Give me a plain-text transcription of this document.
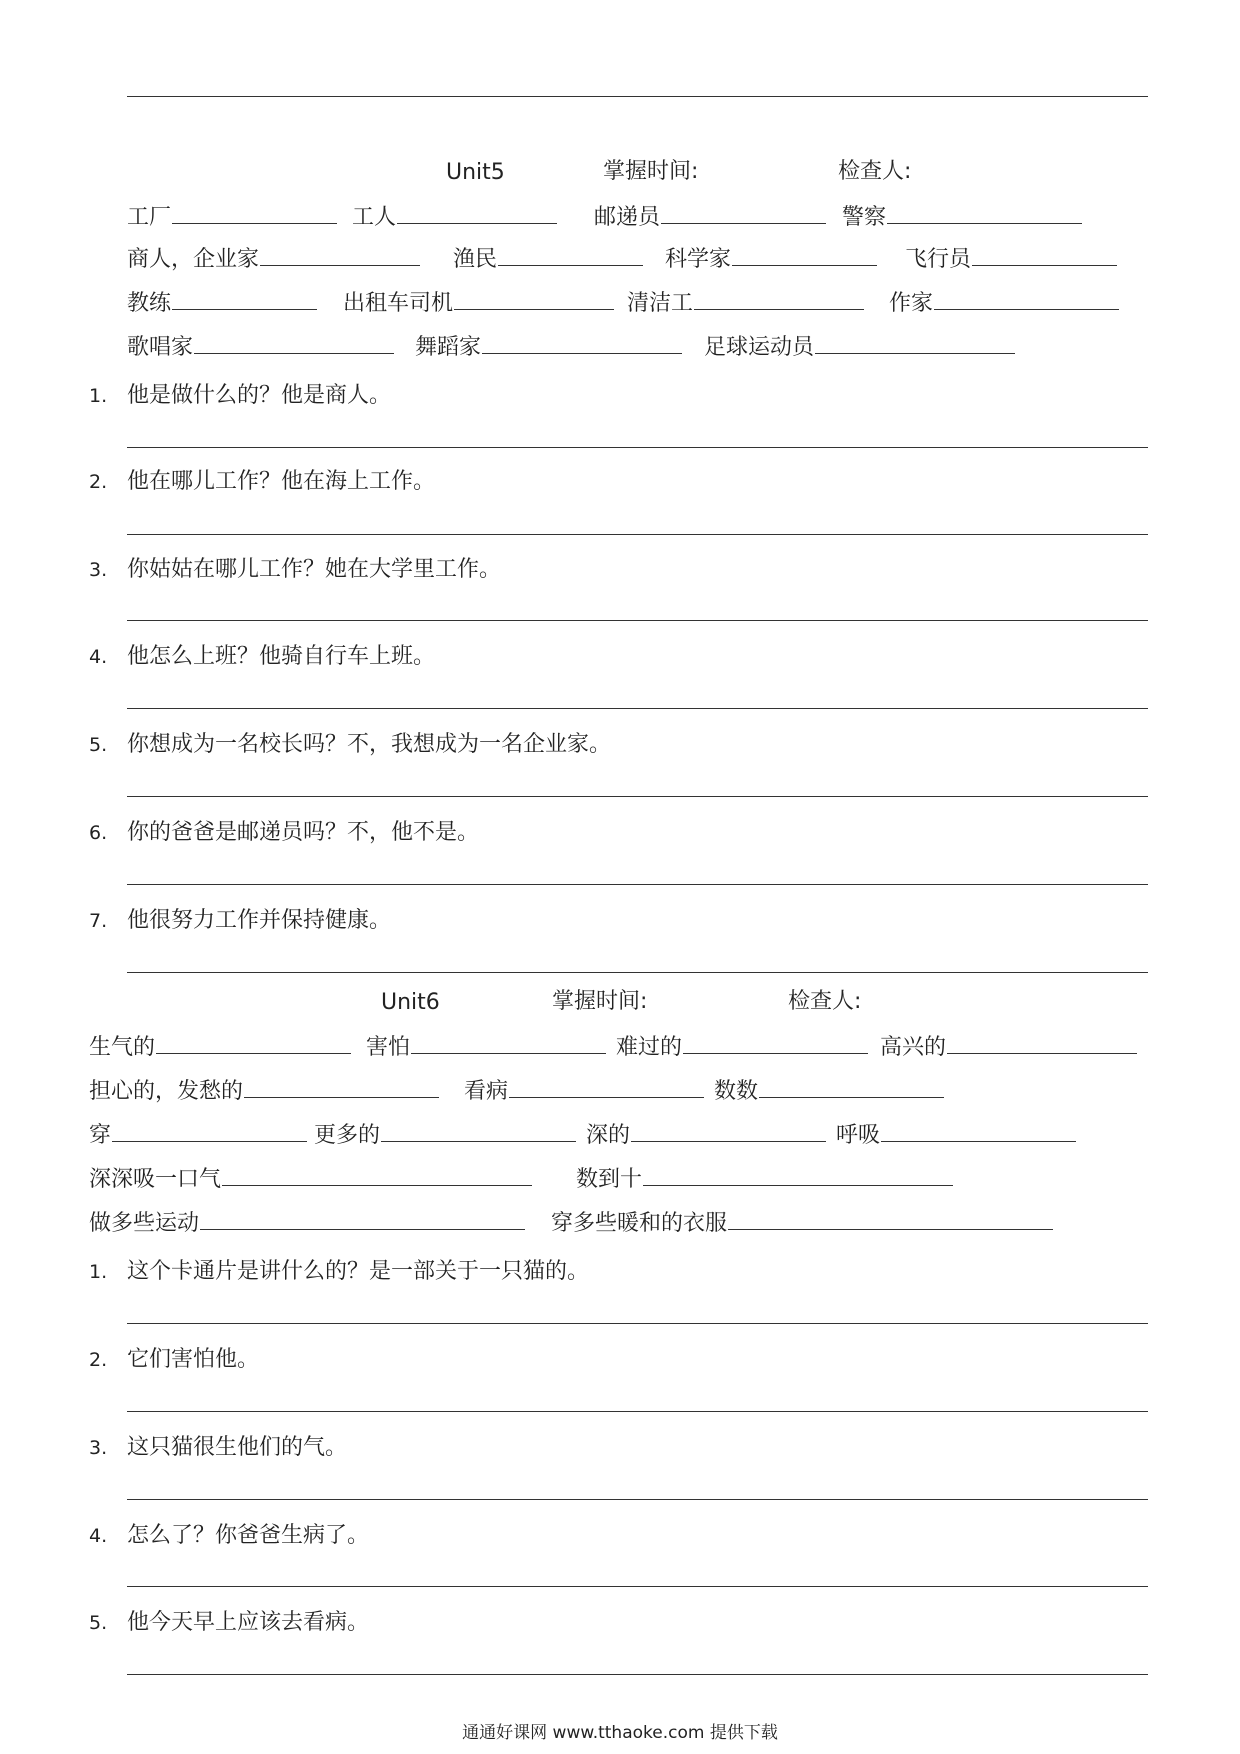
Unit5	掌握时间:	检查人:
工厂	工人	邮递员	警察
商人，企业家	渔民	科学家	飞行员
教练	出租车司机	清洁工	作家
歌唱家	舞蹈家	足球运动员
1. 他是做什么的？他是商人。
2. 他在哪儿工作？他在海上工作。
3. 你姑姑在哪儿工作？她在大学里工作。
4. 他怎么上班？他骑自行车上班。
5. 你想成为一名校长吗？不，我想成为一名企业家。
6. 你的爸爸是邮递员吗？不，他不是。
7. 他很努力工作并保持健康。
Unit6	掌握时间:	检查人:
生气的	害怕	难过的	高兴的
担心的，发愁的	看病	数数
穿	更多的	深的	呼吸
深深吸一口气	数到十
做多些运动	穿多些暖和的衣服
1. 这个卡通片是讲什么的？是一部关于一只猫的。
2. 它们害怕他。
3. 这只猫很生他们的气。
4. 怎么了？你爸爸生病了。
5. 他今天早上应该去看病。
通通好课网 www.tthaoke.com 提供下载
